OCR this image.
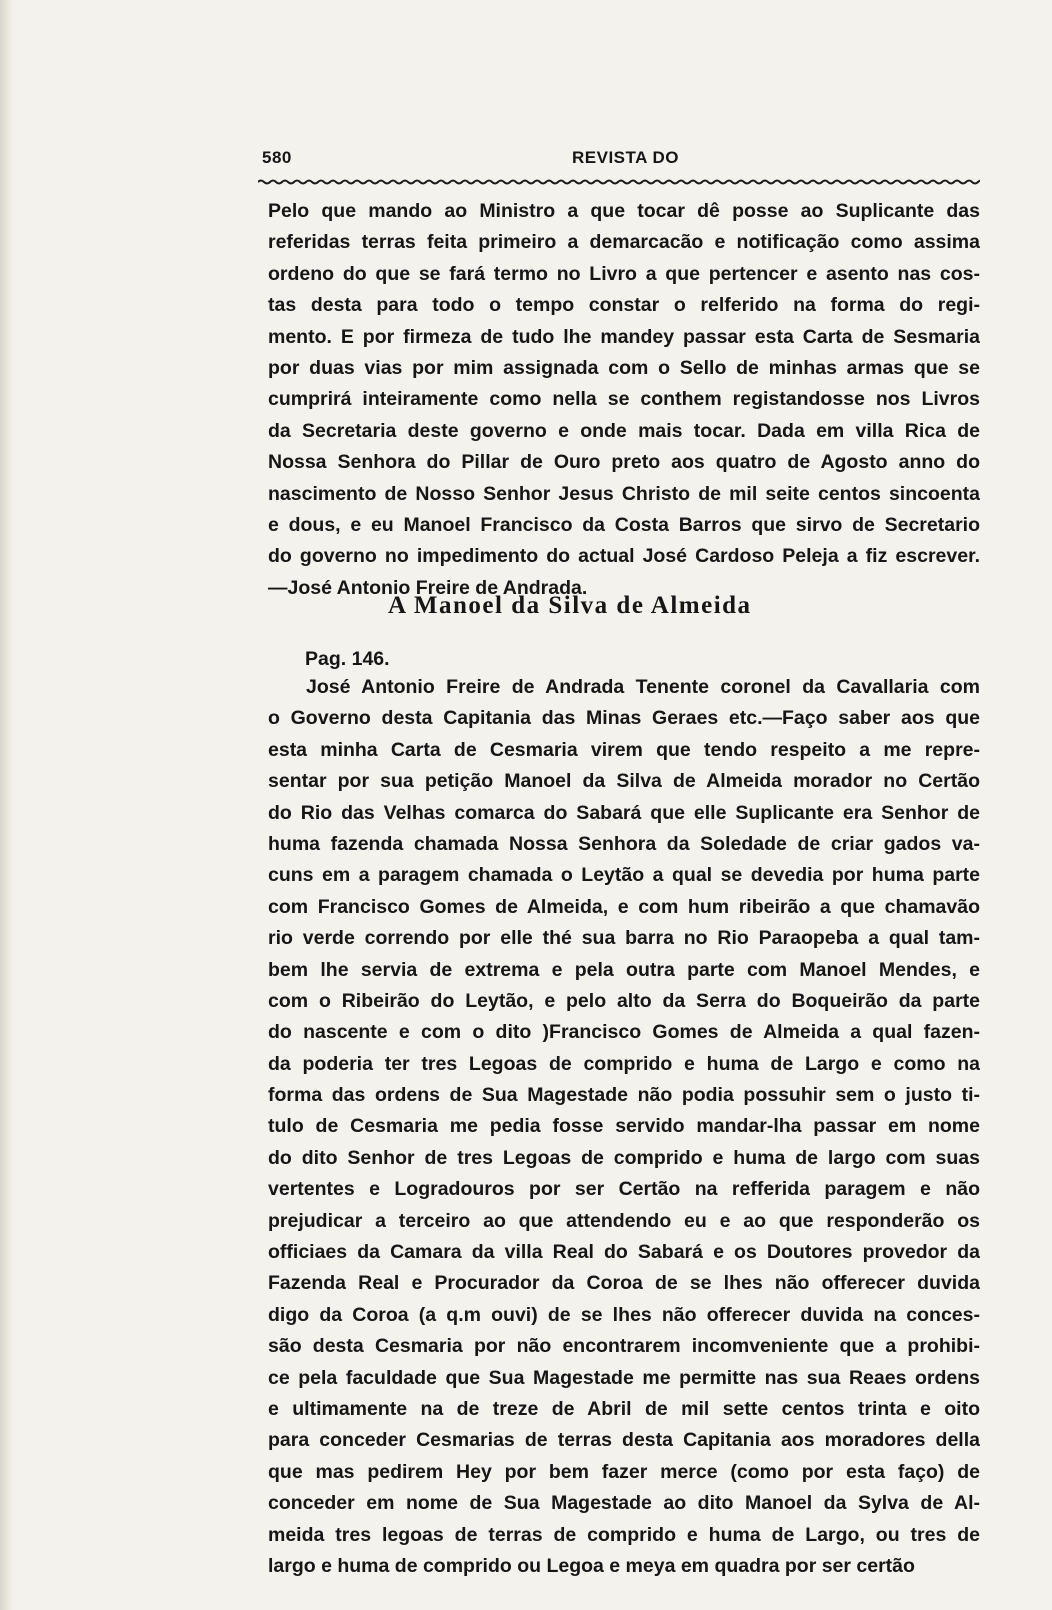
580	REVISTA DO
Pelo que mando ao Ministro a que tocar dê posse ao Suplicante das
referidas terras feita primeiro a demarcacão e notificação como assima
ordeno do que se fará termo no Livro a que pertencer e asento nas cos-
tas desta para todo o tempo constar o relferido na forma do regi-
mento. E por firmeza de tudo lhe mandey passar esta Carta de Sesmaria
por duas vias por mim assignada com o Sello de minhas armas que se
cumprirá inteiramente como nella se conthem registandosse nos Livros
da Secretaria deste governo e onde mais tocar. Dada em villa Rica de
Nossa Senhora do Pillar de Ouro preto aos quatro de Agosto anno do
nascimento de Nosso Senhor Jesus Christo de mil seite centos sincoenta
e dous, e eu Manoel Francisco da Costa Barros que sirvo de Secretario
do governo no impedimento do actual José Cardoso Peleja a fiz escrever.
—José Antonio Freire de Andrada.
A Manoel da Silva de Almeida
Pag. 146.
José Antonio Freire de Andrada Tenente coronel da Cavallaria com
o Governo desta Capitania das Minas Geraes etc.—Faço saber aos que
esta minha Carta de Cesmaria virem que tendo respeito a me repre-
sentar por sua petição Manoel da Silva de Almeida morador no Certão
do Rio das Velhas comarca do Sabará que elle Suplicante era Senhor de
huma fazenda chamada Nossa Senhora da Soledade de criar gados va-
cuns em a paragem chamada o Leytão a qual se devedia por huma parte
com Francisco Gomes de Almeida, e com hum ribeirão a que chamavão
rio verde correndo por elle thé sua barra no Rio Paraopeba a qual tam-
bem lhe servia de extrema e pela outra parte com Manoel Mendes, e
com o Ribeirão do Leytão, e pelo alto da Serra do Boqueirão da parte
do nascente e com o dito )Francisco Gomes de Almeida a qual fazen-
da poderia ter tres Legoas de comprido e huma de Largo e como na
forma das ordens de Sua Magestade não podia possuhir sem o justo ti-
tulo de Cesmaria me pedia fosse servido mandar-lha passar em nome
do dito Senhor de tres Legoas de comprido e huma de largo com suas
vertentes e Logradouros por ser Certão na refferida paragem e não
prejudicar a terceiro ao que attendendo eu e ao que responderão os
officiaes da Camara da villa Real do Sabará e os Doutores provedor da
Fazenda Real e Procurador da Coroa de se lhes não offerecer duvida
digo da Coroa (a q.m ouvi) de se lhes não offerecer duvida na conces-
são desta Cesmaria por não encontrarem incomveniente que a prohibi-
ce pela faculdade que Sua Magestade me permitte nas sua Reaes ordens
e ultimamente na de treze de Abril de mil sette centos trinta e oito
para conceder Cesmarias de terras desta Capitania aos moradores della
que mas pedirem Hey por bem fazer merce (como por esta faço) de
conceder em nome de Sua Magestade ao dito Manoel da Sylva de Al-
meida tres legoas de terras de comprido e huma de Largo, ou tres de
largo e huma de comprido ou Legoa e meya em quadra por ser certão
